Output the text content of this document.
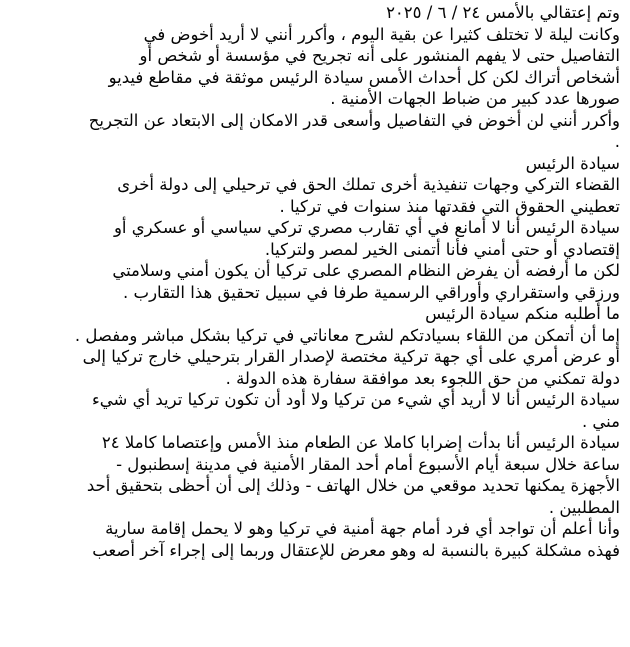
وتم إعتقالي بالأمس ٢٤ / ٦ / ٢٠٢٥
وكانت ليلة لا تختلف كثيرا عن بقية اليوم ، وأكرر أنني لا أريد أخوض في
التفاصيل حتى لا يفهم المنشور على أنه تجريح في مؤسسة أو شخص أو
أشخاص أتراك لكن كل أحداث الأمس سيادة الرئيس موثقة في مقاطع فيديو
صورها عدد كبير من ضباط الجهات الأمنية .
وأكرر أنني لن أخوض في التفاصيل وأسعى قدر الامكان إلى الابتعاد عن التجريح
.
سيادة الرئيس
القضاء التركي وجهات تنفيذية أخرى تملك الحق في ترحيلي إلى دولة أخرى
تعطيني الحقوق التي فقدتها منذ سنوات في تركيا .
سيادة الرئيس أنا لا أمانع في أي تقارب مصري تركي سياسي أو عسكري أو
إقتصادي أو حتى أمني فأنا أتمنى الخير لمصر ولتركيا.
لكن ما أرفضه أن يفرض النظام المصري على تركيا أن يكون أمني وسلامتي
ورزقي واستقراري وأوراقي الرسمية طرفا في سبيل تحقيق هذا التقارب .
ما أطلبه منكم سيادة الرئيس
إما أن أتمكن من اللقاء بسيادتكم لشرح معاناتي في تركيا بشكل مباشر ومفصل .
أو عرض أمري على أي جهة تركية مختصة لإصدار القرار بترحيلي خارج تركيا إلى
دولة تمكني من حق اللجوء بعد موافقة سفارة هذه الدولة .
سيادة الرئيس أنا لا أريد أي شيء من تركيا ولا أود أن تكون تركيا تريد أي شيء
مني .
سيادة الرئيس أنا بدأت إضرابا كاملا عن الطعام منذ الأمس وإعتصاما كاملا ٢٤
ساعة خلال سبعة أيام الأسبوع أمام أحد المقار الأمنية في مدينة إسطنبول -
الأجهزة يمكنها تحديد موقعي من خلال الهاتف - وذلك إلى أن أحظى بتحقيق أحد
المطلبين .
وأنا أعلم أن تواجد أي فرد أمام جهة أمنية في تركيا وهو لا يحمل إقامة سارية
فهذه مشكلة كبيرة بالنسبة له وهو معرض للإعتقال وربما إلى إجراء آخر أصعب
